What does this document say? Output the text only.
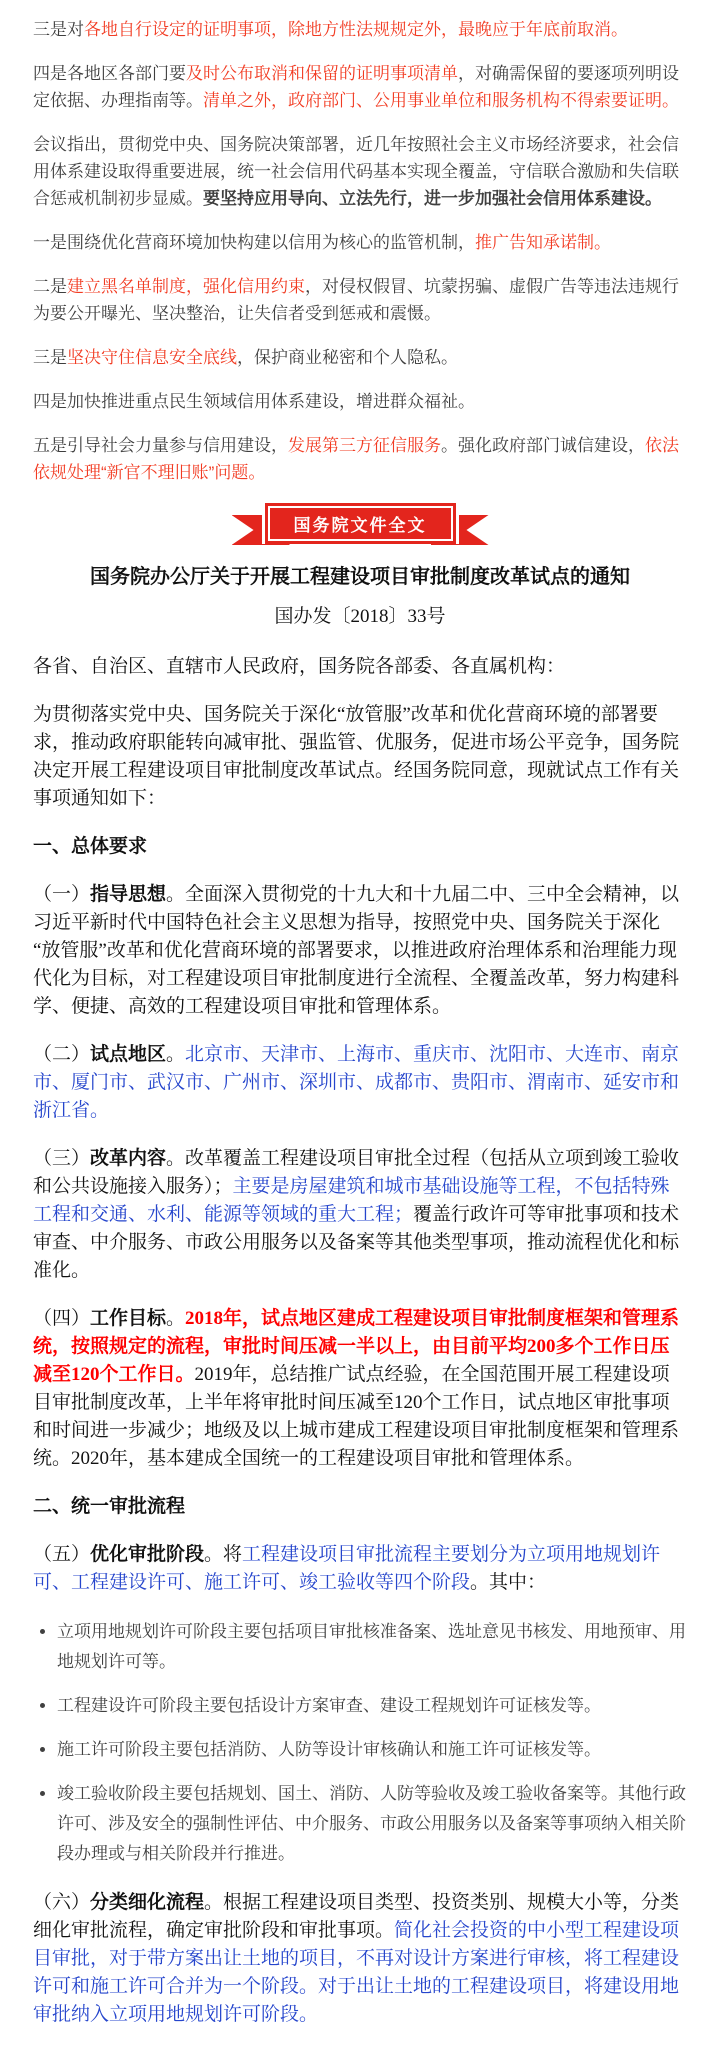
三是对各地自行设定的证明事项，除地方性法规规定外，最晚应于年底前取消。

四是各地区各部门要及时公布取消和保留的证明事项清单，对确需保留的要逐项列明设定依据、办理指南等。清单之外，政府部门、公用事业单位和服务机构不得索要证明。

会议指出，贯彻党中央、国务院决策部署，近几年按照社会主义市场经济要求，社会信用体系建设取得重要进展，统一社会信用代码基本实现全覆盖，守信联合激励和失信联合惩戒机制初步显威。要坚持应用导向、立法先行，进一步加强社会信用体系建设。

一是围绕优化营商环境加快构建以信用为核心的监管机制，推广告知承诺制。

二是建立黑名单制度，强化信用约束，对侵权假冒、坑蒙拐骗、虚假广告等违法违规行为要公开曝光、坚决整治，让失信者受到惩戒和震慑。

三是坚决守住信息安全底线，保护商业秘密和个人隐私。

四是加快推进重点民生领域信用体系建设，增进群众福祉。

五是引导社会力量参与信用建设，发展第三方征信服务。强化政府部门诚信建设，依法依规处理“新官不理旧账”问题。

国务院文件全文
国务院办公厅关于开展工程建设项目审批制度改革试点的通知
国办发〔2018〕33号

各省、自治区、直辖市人民政府，国务院各部委、各直属机构：

为贯彻落实党中央、国务院关于深化“放管服”改革和优化营商环境的部署要求，推动政府职能转向减审批、强监管、优服务，促进市场公平竞争，国务院决定开展工程建设项目审批制度改革试点。经国务院同意，现就试点工作有关事项通知如下：

一、总体要求

（一）指导思想。全面深入贯彻党的十九大和十九届二中、三中全会精神，以习近平新时代中国特色社会主义思想为指导，按照党中央、国务院关于深化“放管服”改革和优化营商环境的部署要求，以推进政府治理体系和治理能力现代化为目标，对工程建设项目审批制度进行全流程、全覆盖改革，努力构建科学、便捷、高效的工程建设项目审批和管理体系。

（二）试点地区。北京市、天津市、上海市、重庆市、沈阳市、大连市、南京市、厦门市、武汉市、广州市、深圳市、成都市、贵阳市、渭南市、延安市和浙江省。

（三）改革内容。改革覆盖工程建设项目审批全过程（包括从立项到竣工验收和公共设施接入服务）；主要是房屋建筑和城市基础设施等工程，不包括特殊工程和交通、水利、能源等领域的重大工程；覆盖行政许可等审批事项和技术审查、中介服务、市政公用服务以及备案等其他类型事项，推动流程优化和标准化。

（四）工作目标。2018年，试点地区建成工程建设项目审批制度框架和管理系统，按照规定的流程，审批时间压减一半以上，由目前平均200多个工作日压减至120个工作日。2019年，总结推广试点经验，在全国范围开展工程建设项目审批制度改革，上半年将审批时间压减至120个工作日，试点地区审批事项和时间进一步减少；地级及以上城市建成工程建设项目审批制度框架和管理系统。2020年，基本建成全国统一的工程建设项目审批和管理体系。

二、统一审批流程

（五）优化审批阶段。将工程建设项目审批流程主要划分为立项用地规划许可、工程建设许可、施工许可、竣工验收等四个阶段。其中：

• 立项用地规划许可阶段主要包括项目审批核准备案、选址意见书核发、用地预审、用地规划许可等。
• 工程建设许可阶段主要包括设计方案审查、建设工程规划许可证核发等。
• 施工许可阶段主要包括消防、人防等设计审核确认和施工许可证核发等。
• 竣工验收阶段主要包括规划、国土、消防、人防等验收及竣工验收备案等。其他行政许可、涉及安全的强制性评估、中介服务、市政公用服务以及备案等事项纳入相关阶段办理或与相关阶段并行推进。

（六）分类细化流程。根据工程建设项目类型、投资类别、规模大小等，分类细化审批流程，确定审批阶段和审批事项。简化社会投资的中小型工程建设项目审批，对于带方案出让土地的项目，不再对设计方案进行审核，将工程建设许可和施工许可合并为一个阶段。对于出让土地的工程建设项目，将建设用地审批纳入立项用地规划许可阶段。
